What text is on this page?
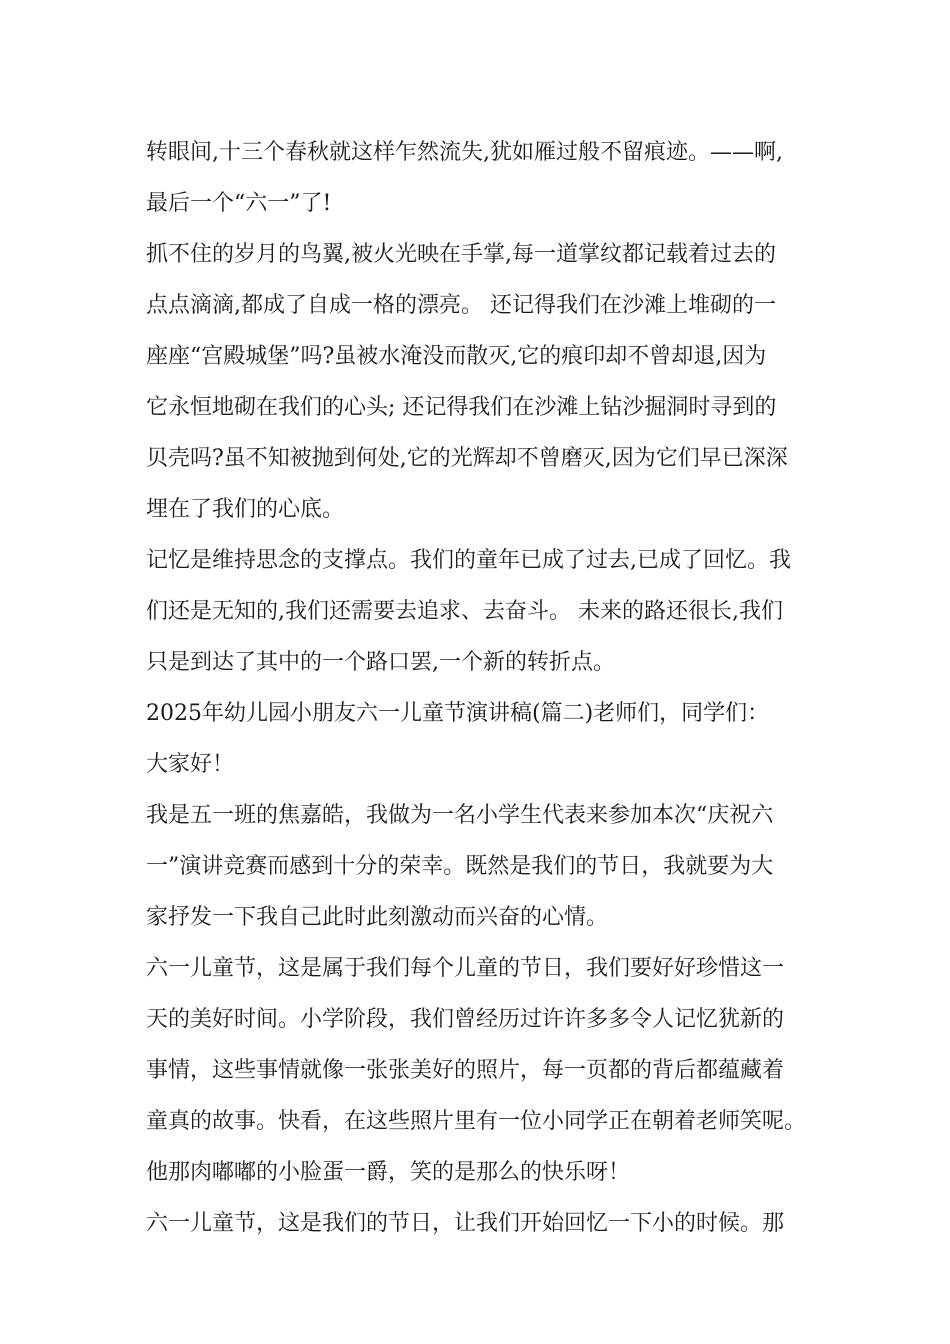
转眼间,十三个春秋就这样乍然流失,犹如雁过般不留痕迹。——啊,
最后一个“六一”了!
抓不住的岁月的鸟翼,被火光映在手掌,每一道掌纹都记载着过去的
点点滴滴,都成了自成一格的漂亮。 还记得我们在沙滩上堆砌的一
座座“宫殿城堡”吗?虽被水淹没而散灭,它的痕印却不曾却退,因为
它永恒地砌在我们的心头; 还记得我们在沙滩上钻沙掘洞时寻到的
贝壳吗?虽不知被抛到何处,它的光辉却不曾磨灭,因为它们早已深深
埋在了我们的心底。
记忆是维持思念的支撑点。我们的童年已成了过去,已成了回忆。我
们还是无知的,我们还需要去追求、去奋斗。 未来的路还很长,我们
只是到达了其中的一个路口罢,一个新的转折点。
2025年幼儿园小朋友六一儿童节演讲稿(篇二)老师们，同学们：
大家好！
我是五一班的焦嘉皓，我做为一名小学生代表来参加本次“庆祝六
一”演讲竞赛而感到十分的荣幸。既然是我们的节日，我就要为大
家抒发一下我自己此时此刻激动而兴奋的心情。
六一儿童节，这是属于我们每个儿童的节日，我们要好好珍惜这一
天的美好时间。小学阶段，我们曾经历过许许多多令人记忆犹新的
事情，这些事情就像一张张美好的照片，每一页都的背后都蕴藏着
童真的故事。快看，在这些照片里有一位小同学正在朝着老师笑呢。
他那肉嘟嘟的小脸蛋一爵，笑的是那么的快乐呀！
六一儿童节，这是我们的节日，让我们开始回忆一下小的时候。那
